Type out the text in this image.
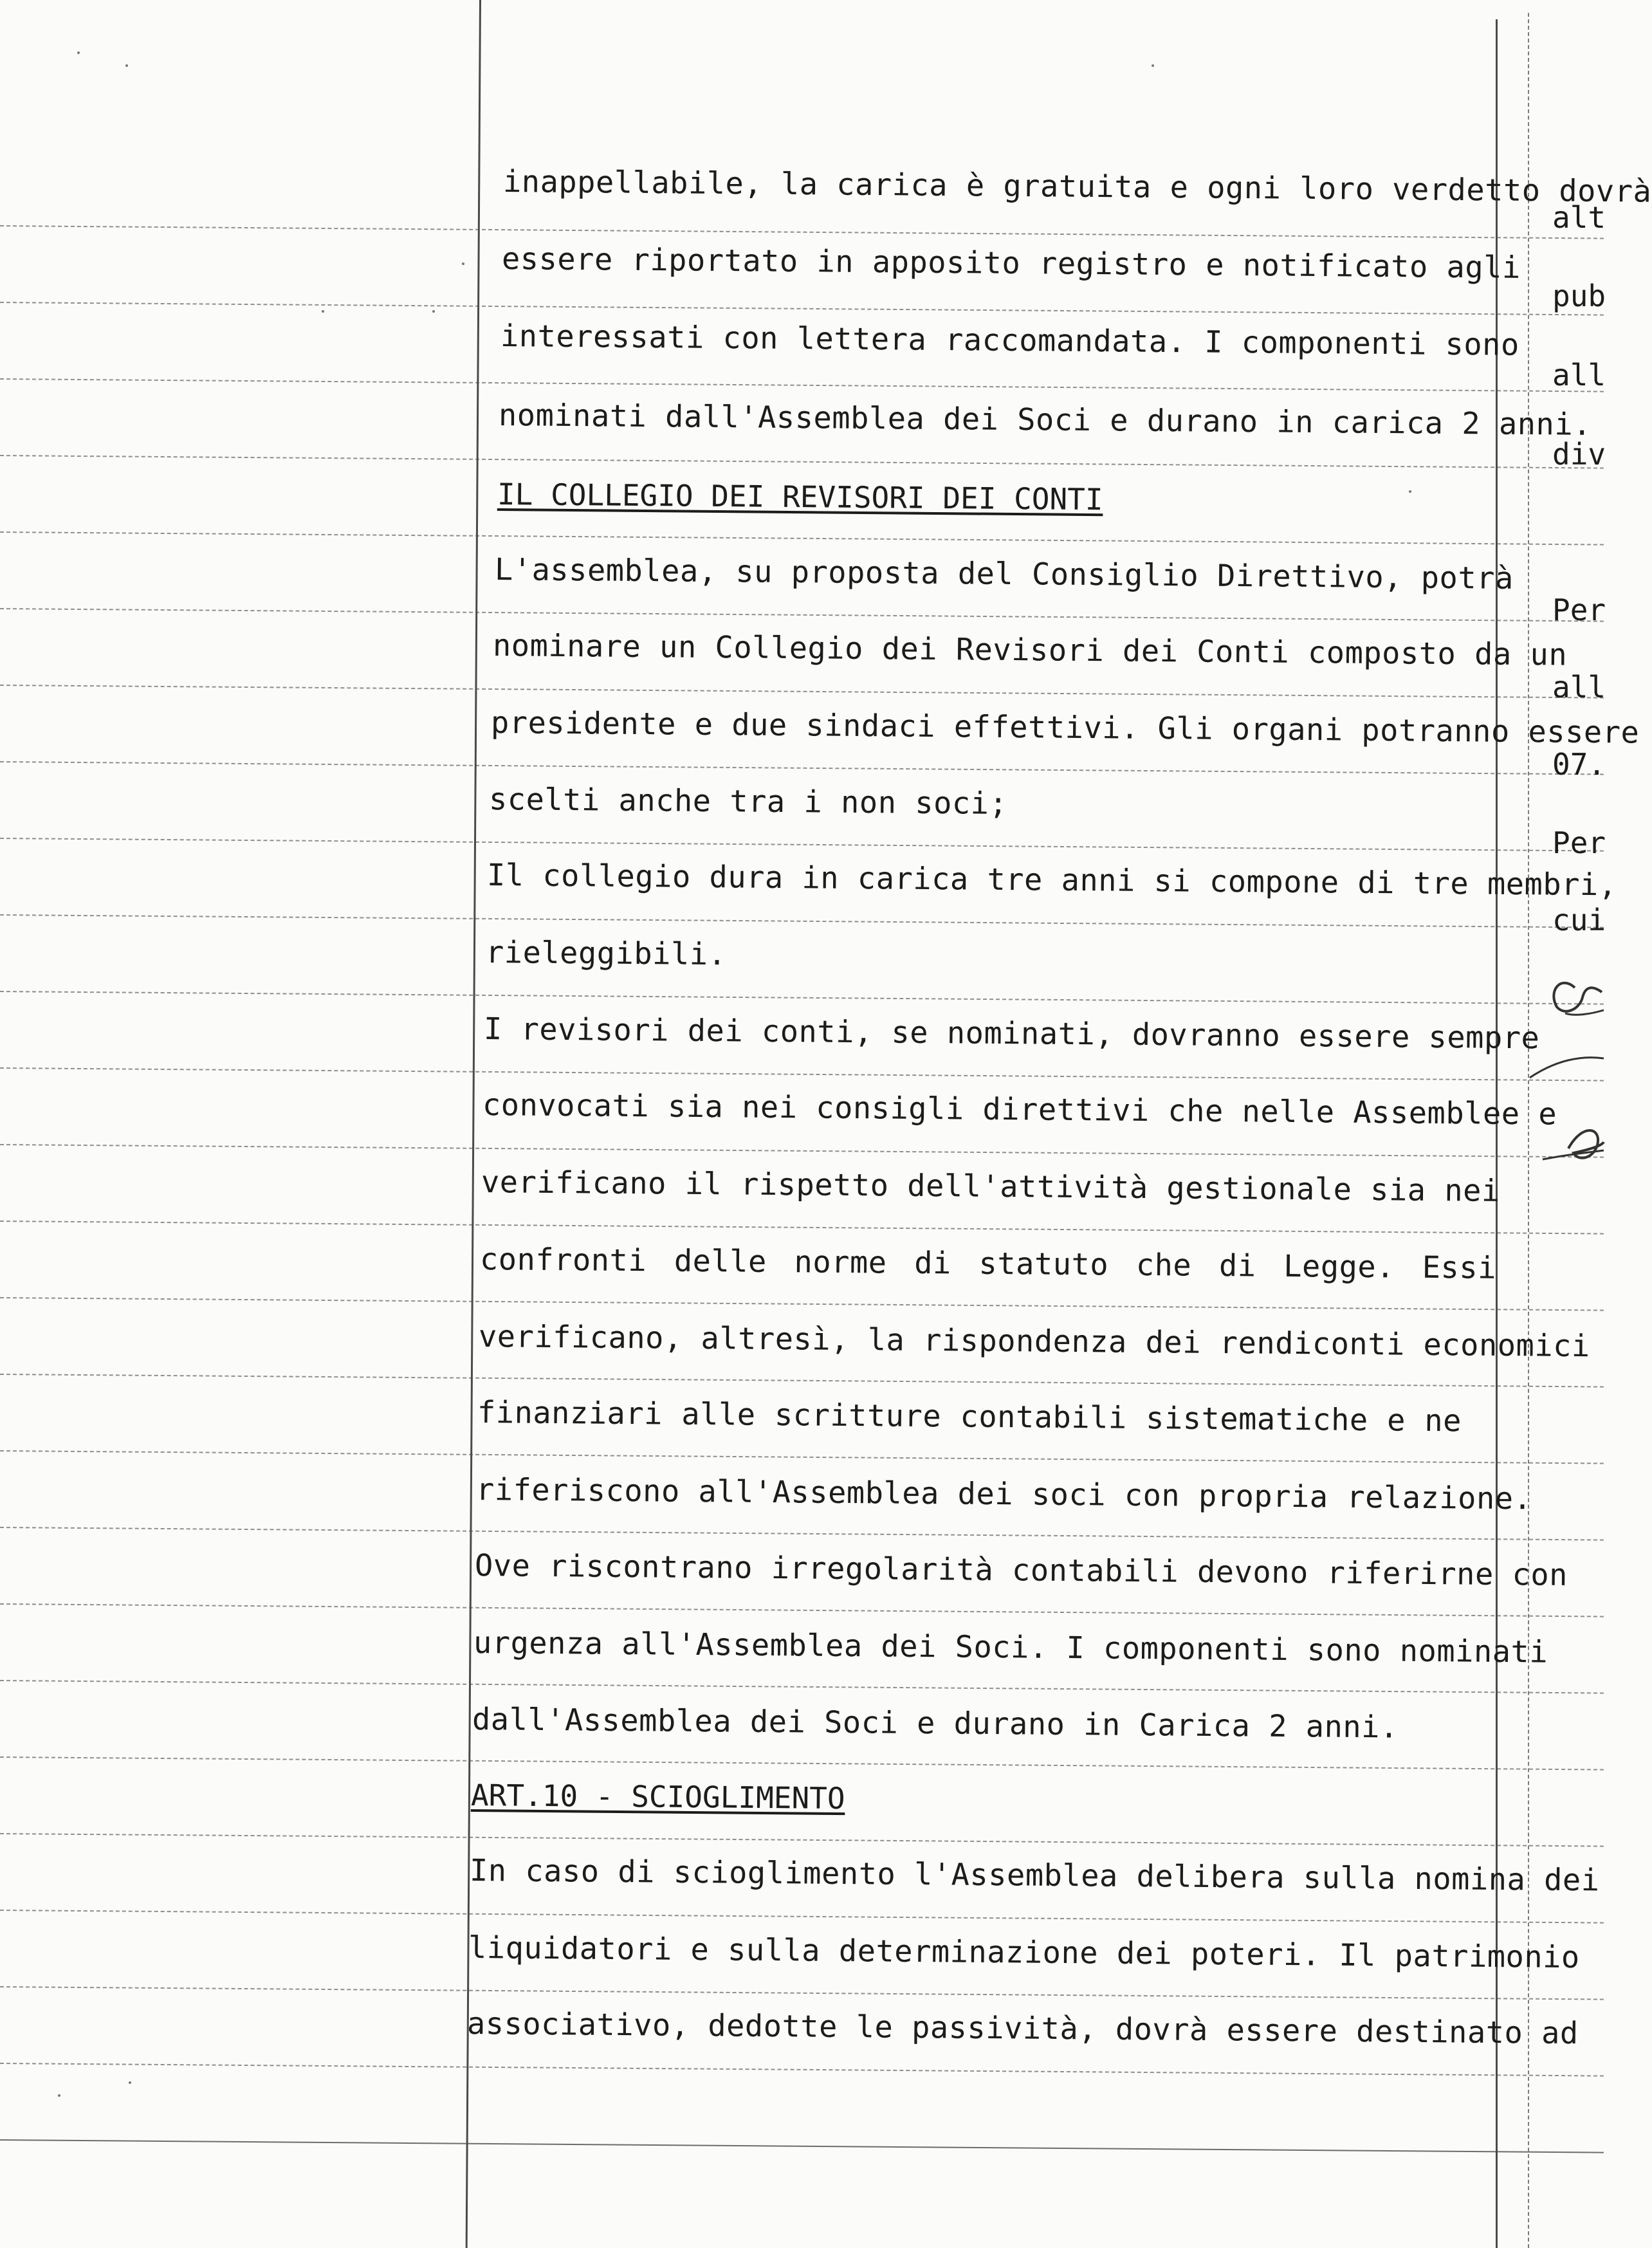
inappellabile, la carica è gratuita e ogni loro verdetto dovrà
essere riportato in apposito registro e notificato agli
interessati con lettera raccomandata. I componenti sono
nominati dall'Assemblea dei Soci e durano in carica 2 anni.
IL COLLEGIO DEI REVISORI DEI CONTI
L'assemblea, su proposta del Consiglio Direttivo, potrà
nominare un Collegio dei Revisori dei Conti composto da un
presidente e due sindaci effettivi. Gli organi potranno essere
scelti anche tra i non soci;
Il collegio dura in carica tre anni si compone di tre membri,
rieleggibili.
I revisori dei conti, se nominati, dovranno essere sempre
convocati sia nei consigli direttivi che nelle Assemblee e
verificano il rispetto dell'attività gestionale sia nei
confronti delle norme di statuto che di Legge. Essi
verificano, altresì, la rispondenza dei rendiconti economici
finanziari alle scritture contabili sistematiche e ne
riferiscono all'Assemblea dei soci con propria relazione.
Ove riscontrano irregolarità contabili devono riferirne con
urgenza all'Assemblea dei Soci. I componenti sono nominati
dall'Assemblea dei Soci e durano in Carica 2 anni.
ART.10 - SCIOGLIMENTO
In caso di scioglimento l'Assemblea delibera sulla nomina dei
liquidatori e sulla determinazione dei poteri. Il patrimonio
associativo, dedotte le passività, dovrà essere destinato ad
alt
pub
all
div
Per
all
07.
Per
cui
